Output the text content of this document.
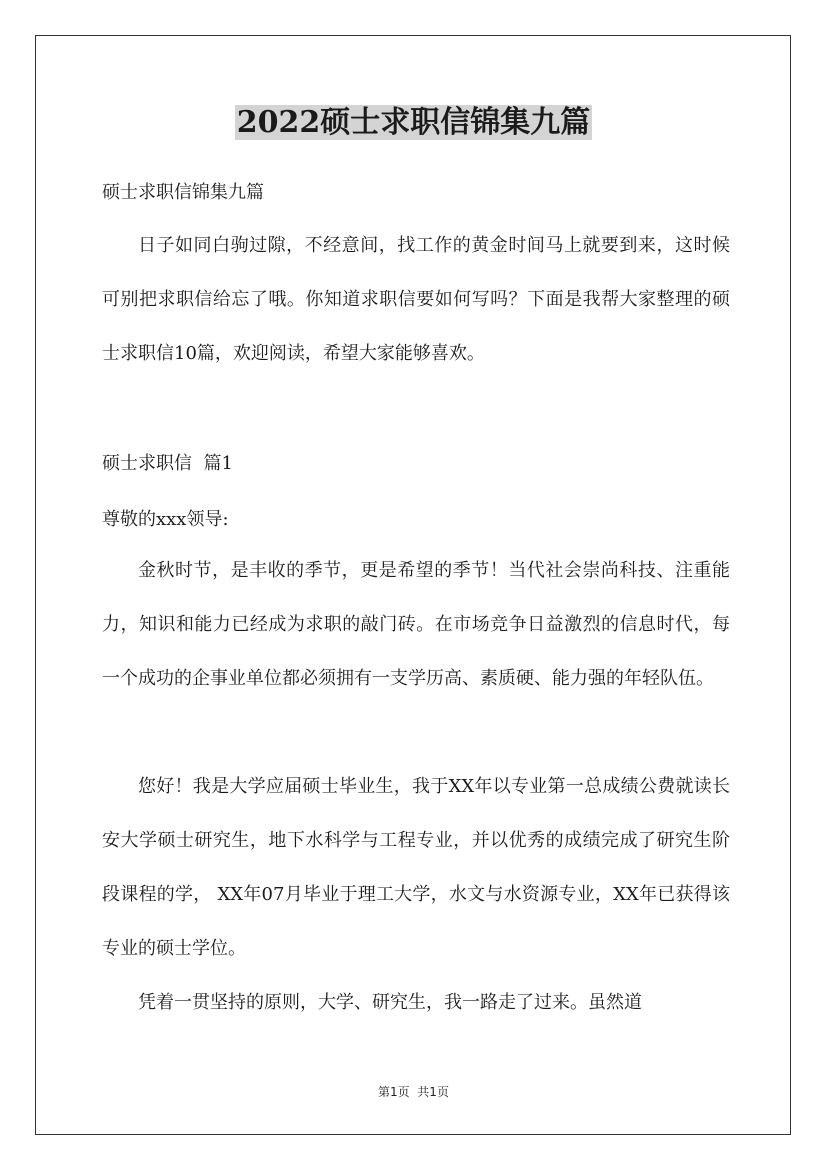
2022硕士求职信锦集九篇

硕士求职信锦集九篇

日子如同白驹过隙，不经意间，找工作的黄金时间马上就要到来，这时候可别把求职信给忘了哦。你知道求职信要如何写吗？下面是我帮大家整理的硕士求职信10篇，欢迎阅读，希望大家能够喜欢。

硕士求职信  篇1

尊敬的xxx领导:

金秋时节，是丰收的季节，更是希望的季节！当代社会崇尚科技、注重能力，知识和能力已经成为求职的敲门砖。在市场竞争日益激烈的信息时代，每一个成功的企事业单位都必须拥有一支学历高、素质硬、能力强的年轻队伍。

您好！我是大学应届硕士毕业生，我于XX年以专业第一总成绩公费就读长安大学硕士研究生，地下水科学与工程专业，并以优秀的成绩完成了研究生阶段课程的学， XX年07月毕业于理工大学，水文与水资源专业，XX年已获得该专业的硕士学位。

凭着一贯坚持的原则，大学、研究生，我一路走了过来。虽然道

第1页  共1页
